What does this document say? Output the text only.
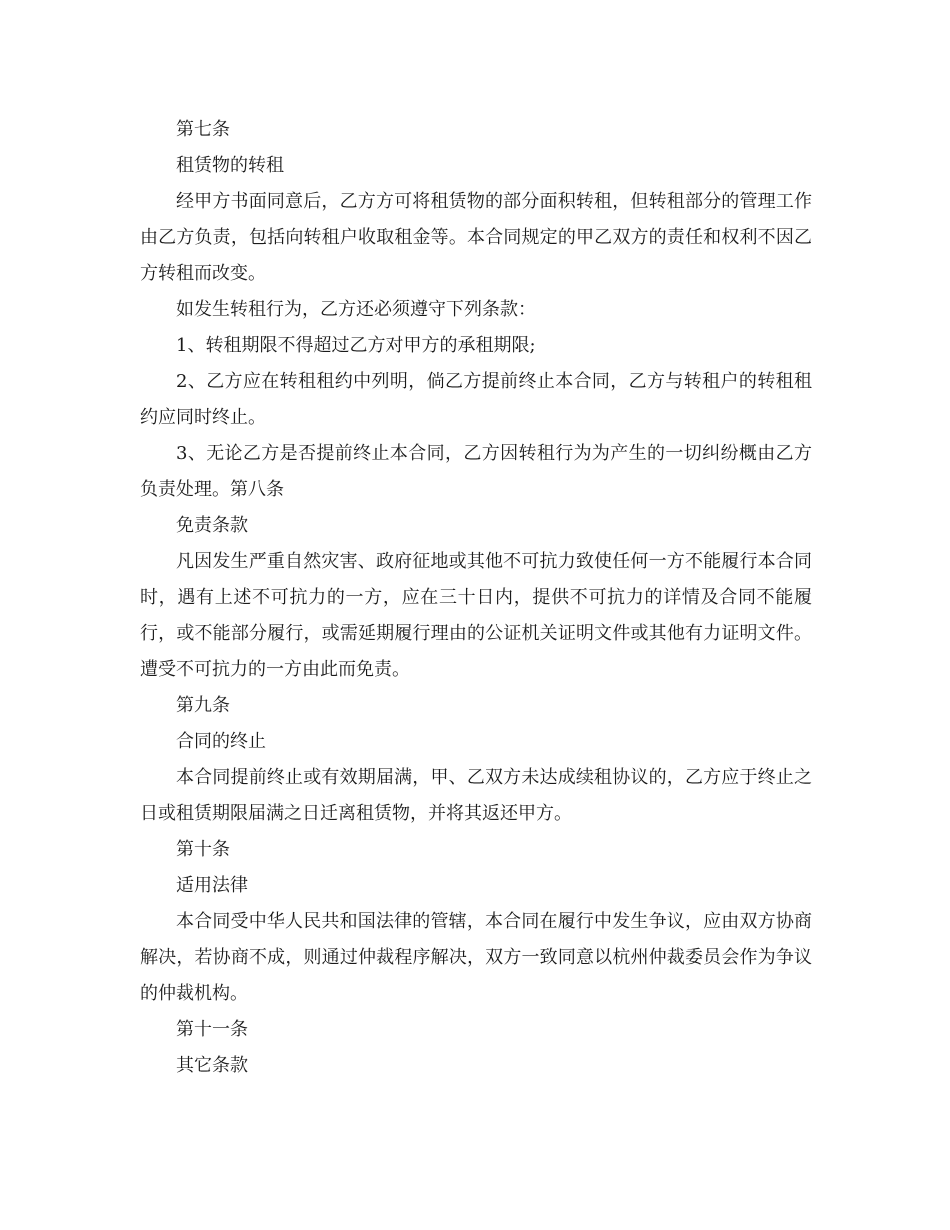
第七条

租赁物的转租

经甲方书面同意后，乙方方可将租赁物的部分面积转租，但转租部分的管理工作由乙方负责，包括向转租户收取租金等。本合同规定的甲乙双方的责任和权利不因乙方转租而改变。

如发生转租行为，乙方还必须遵守下列条款：

1、转租期限不得超过乙方对甲方的承租期限;

2、乙方应在转租租约中列明，倘乙方提前终止本合同，乙方与转租户的转租租约应同时终止。

3、无论乙方是否提前终止本合同，乙方因转租行为为产生的一切纠纷概由乙方负责处理。第八条

免责条款

凡因发生严重自然灾害、政府征地或其他不可抗力致使任何一方不能履行本合同时，遇有上述不可抗力的一方，应在三十日内，提供不可抗力的详情及合同不能履行，或不能部分履行，或需延期履行理由的公证机关证明文件或其他有力证明文件。遭受不可抗力的一方由此而免责。

第九条

合同的终止

本合同提前终止或有效期届满，甲、乙双方未达成续租协议的，乙方应于终止之日或租赁期限届满之日迁离租赁物，并将其返还甲方。

第十条

适用法律

本合同受中华人民共和国法律的管辖，本合同在履行中发生争议，应由双方协商解决，若协商不成，则通过仲裁程序解决，双方一致同意以杭州仲裁委员会作为争议的仲裁机构。

第十一条

其它条款
